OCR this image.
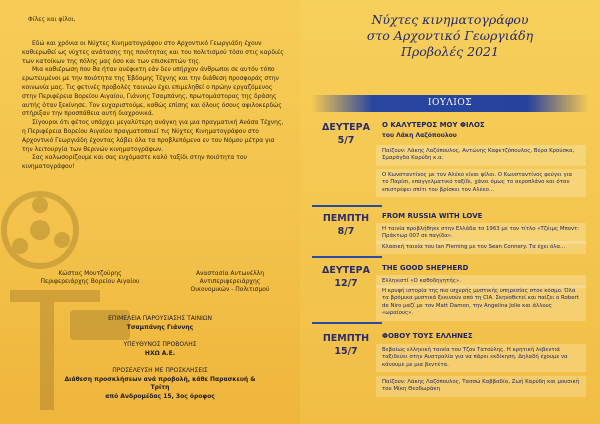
Φίλες και φίλοι,

Εδώ και χρόνια οι Νύχτες Κινηματογράφου στο Αρχοντικό Γεωργιάδη έχουν καθιερωθεί ως νύχτες ανάτασης της ποιότητας και του πολιτισμού τόσο στις καρδιές των κατοίκων της πόλης μας όσο και των επισκεπτών της.

Μια καθιέρωση που θα ήταν ανέφικτη εάν δεν υπήρχαν άνθρωποι σε αυτόν τόπο ερωτευμένοι με την ποιότητα της Έβδομης Τέχνης και την διάθεση προσφοράς στην κοινωνία μας. Τις φετινές προβολές ταινιών έχει επιμεληθεί ο πρώην εργαζόμενος στην Περιφέρεια Βορείου Αιγαίου, Γιάννης Τσαμπάνης, πρωτομάστορας της δράσης αυτής όταν ξεκίνησε. Τον ευχαριστούμε, καθώς επίσης και όλους όσους αφιλοκερδώς στήριξαν την προσπάθεια αυτή διαχρονικά.

Σίγουροι ότι φέτος υπάρχει μεγαλύτερη ανάγκη για μια πραγματική Ανάσα Τέχνης, η Περιφέρεια Βορείου Αιγαίου πραγματοποιεί τις Νύχτες Κινηματογράφου στο Αρχοντικό Γεωργιάδη έχοντας λάβει όλα τα προβλεπόμενα εν του Νόμου μέτρα για την λειτουργία των θερινών κινηματογράφων.

Σας καλωσορίζουμε και σας ευχόμαστε καλό ταξίδι στην ποιότητα του κινηματογράφου!

Κώστας Μουτζούρης
Περιφερειάρχης Βορείου Αιγαίου
Αναστασία Αντωνέλλη
Αντιπεριφερειάρχης
Οικονομικών - Πολιτισμού
ΕΠΙΜΕΛΕΙΑ ΠΑΡΟΥΣΙΑΣΗΣ ΤΑΙΝΙΩΝ
Τσαμπάνης Γιάννης
ΥΠΕΥΘΥΝΟΣ ΠΡΟΒΟΛΗΣ
ΗΧΩ Α.Ε.
ΠΡΟΣΕΛΕΥΣΗ ΜΕ ΠΡΟΣΚΛΗΣΕΙΣ
Διάθεση προσκλήσεων ανά προβολή, κάθε Παρασκευή & Τρίτη
από Ανδρομέδας 15, 3ος όροφος
Νύχτες κινηματογράφου
στο Αρχοντικό Γεωργιάδη
Προβολές 2021
ΙΟΥΛΙΟΣ
ΔΕΥΤΕΡΑ
5/7
Ο ΚΑΛΥΤΕΡΟΣ ΜΟΥ ΦΙΛΟΣ
του Λάκη Λαζόπουλου
Παίζουν: Λάκης Λαζόπουλος, Αντώνης Καφετζόπουλος, Βέρα Κρούσκα, Σμαράγδα Καρύδη κ.α.
Ο Κωνσταντίνος με τον Αλέκο είναι φίλοι. Ο Κωνσταντίνος φεύγει για το Παρίσι, επαγγελματικό ταξίδι, χάνει όμως το αεροπλάνο και όταν επιστρέφει σπίτι του βρίσκει τον Αλέκο…
ΠΕΜΠΤΗ
8/7
FROM RUSSIA WITH LOVE
Η ταινία προβλήθηκε στην Ελλάδα το 1963 με τον τίτλο «Τζέιμς Μποντ: Πράκτωρ 007 σε παγίδα».
Κλασική ταινία του Ian Fleming με τον Sean Connery. Τα έχει όλα…
ΔΕΥΤΕΡΑ
12/7
THE GOOD SHEPHERD
Ελληνιστί «Ο καθοδηγητής».
Η κρυφή ιστορία της πιο ισχυρής μυστικής υπηρεσίας στον κόσμο. Όλα τα βρόμικα μυστικά ξεκινούν από τη CIA. Σκηνοθετεί και παίζει ο Robert de Niro μαζί με τον Matt Damon, την Angelina Jolie και άλλους «ωραίους».
ΠΕΜΠΤΗ
15/7
ΦΟΒΟΥ ΤΟΥΣ ΕΛΛΗΝΕΣ
Βεβαίως ελληνική ταινία του Τζον Τατούλης. Η κρητική λεβεντιά ταξιδεύει στην Αυστραλία για να πάρει εκδίκηση. Δηλαδή έχουμε να κάνουμε με μια βεντέτα.
Παίζουν: Λάκης Λαζόπουλος, Τασσώ Καββαδία, Ζωή Καρύδη και μουσική του Μίκη Θεοδωράκη
